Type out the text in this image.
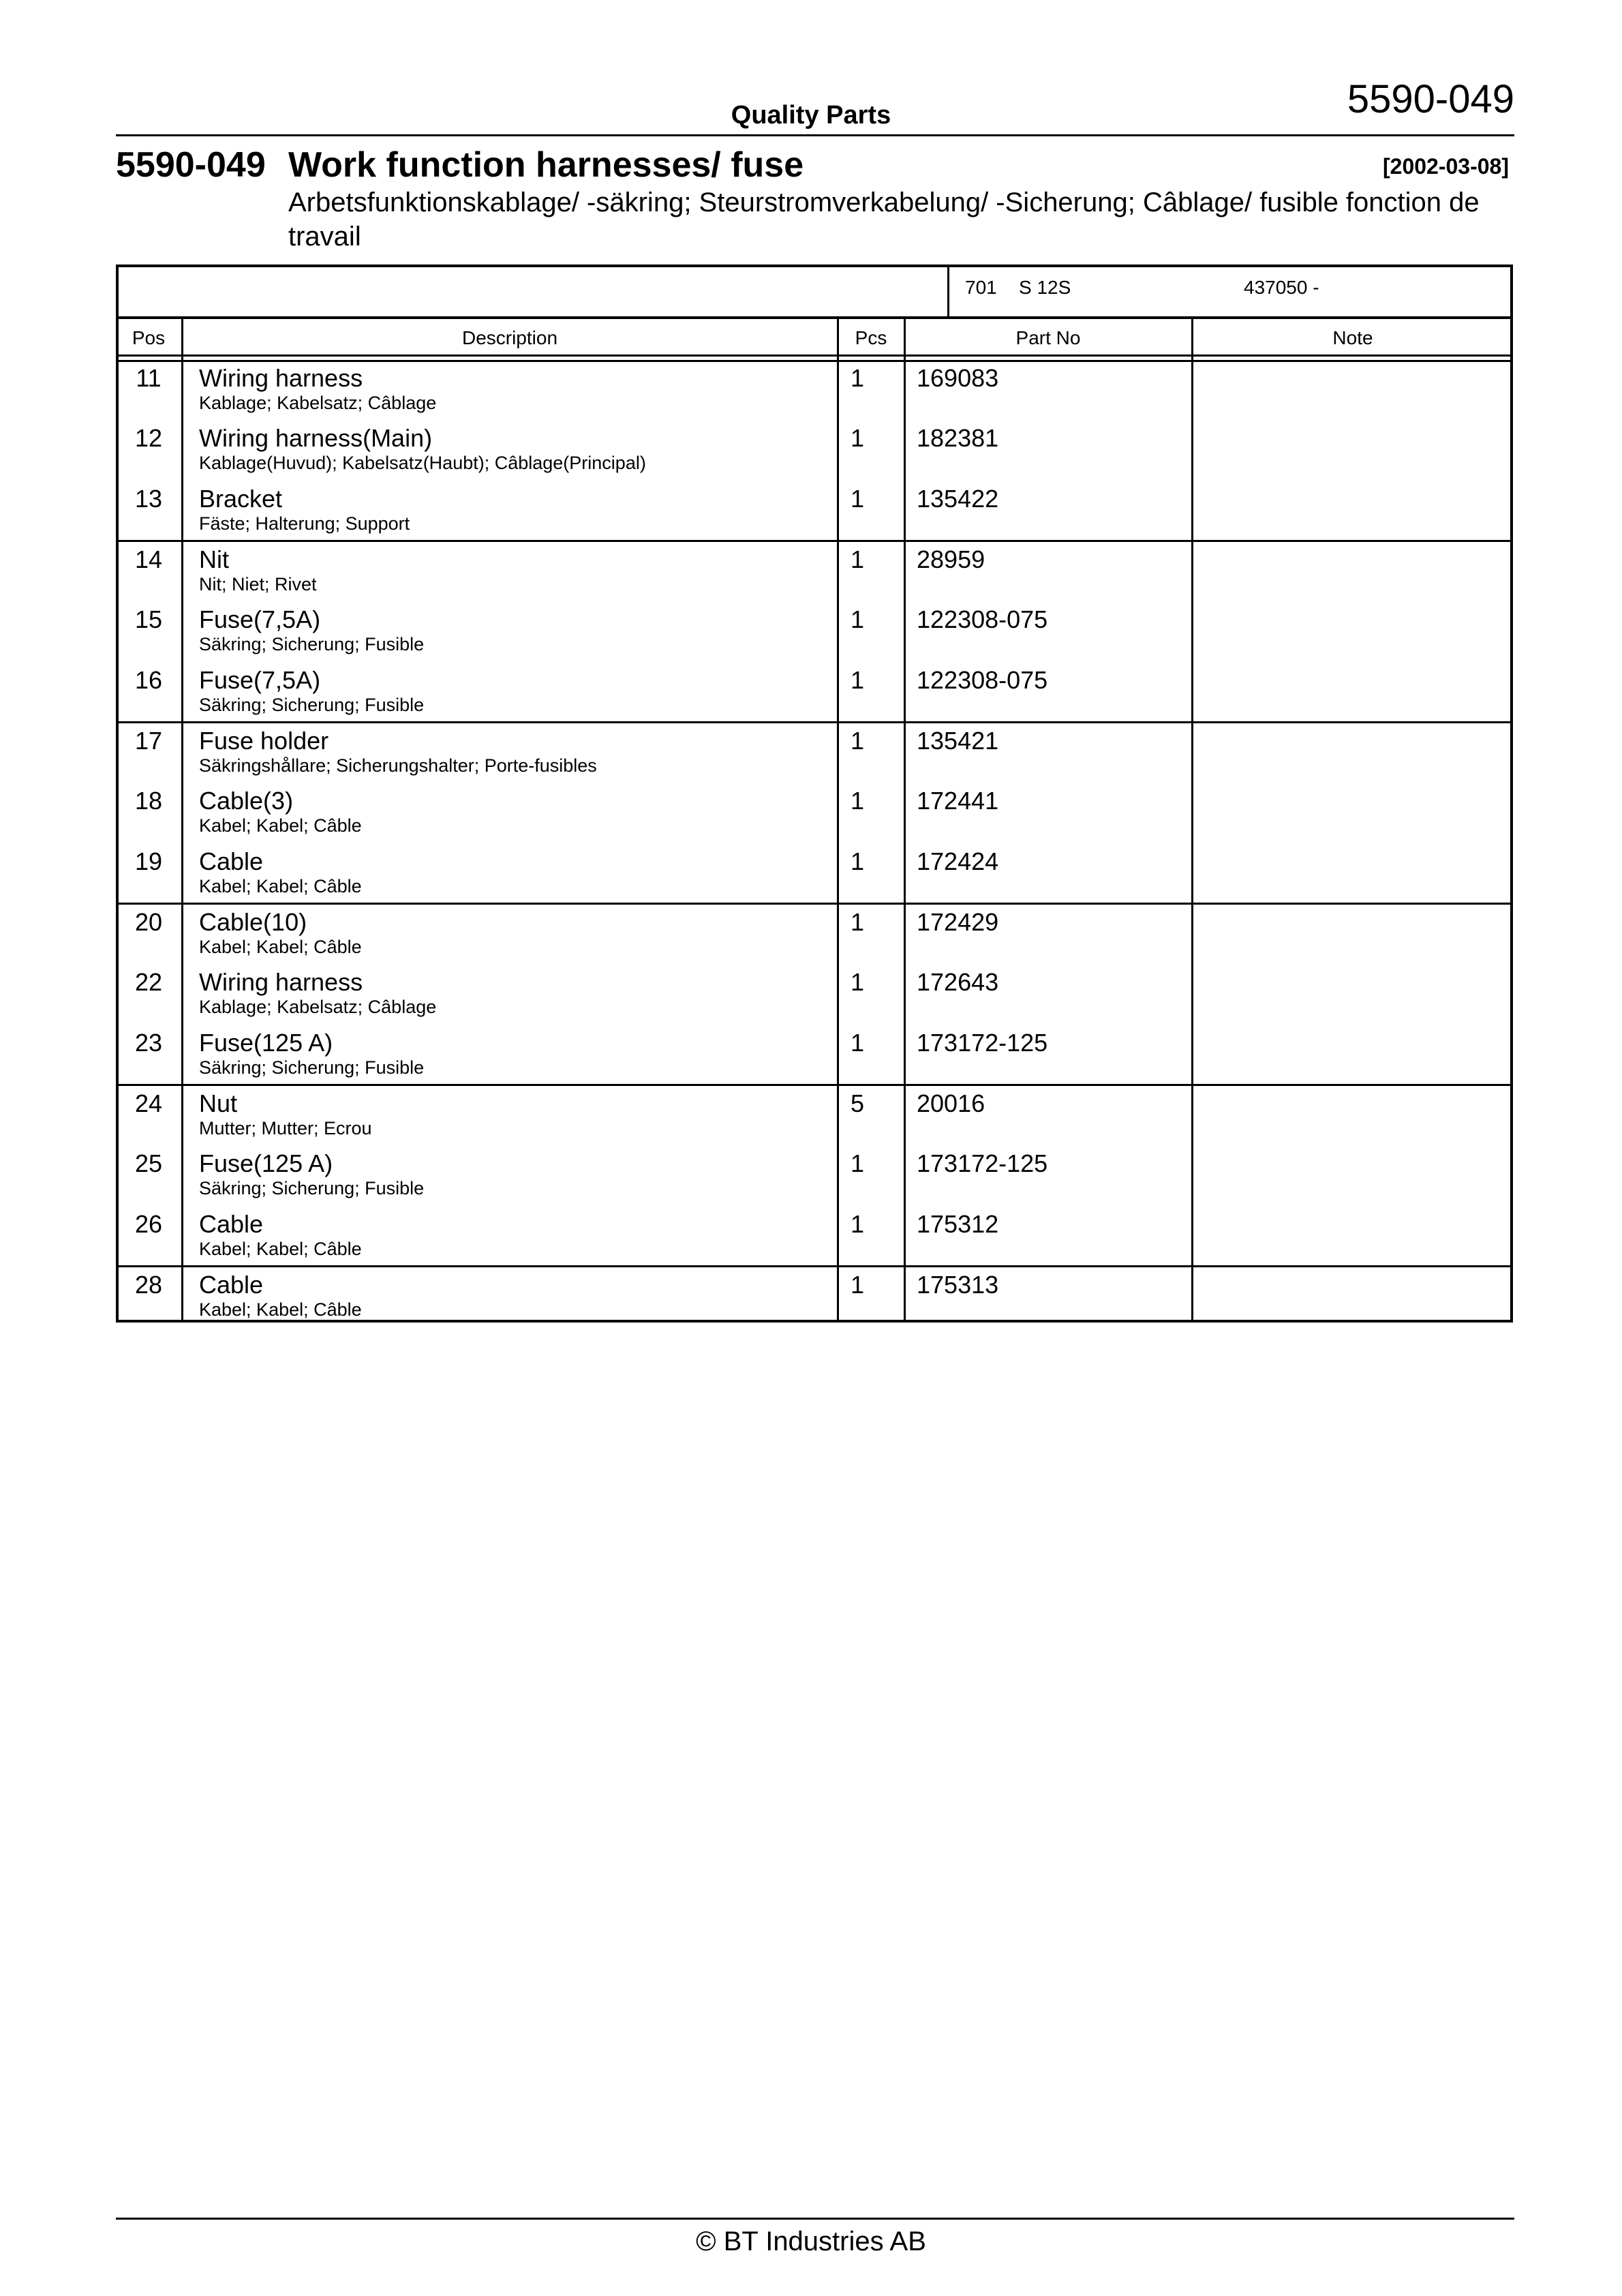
Quality Parts	5590-049
5590-049 Work function harnesses/ fuse	[2002-03-08]
Arbetsfunktionskablage/ -säkring; Steurstromverkabelung/ -Sicherung; Câblage/ fusible fonction de travail
701 S 12S	437050 -
Pos	Description	Pcs	Part No	Note
11	Wiring harness
Kablage; Kabelsatz; Câblage
1 169083
12	Wiring harness(Main)
Kablage(Huvud); Kabelsatz(Haubt); Câblage(Principal)
1 182381
13	Bracket
Fäste; Halterung; Support
1 135422
14	Nit
Nit; Niet; Rivet
1 28959
15	Fuse(7,5A)
Säkring; Sicherung; Fusible
1 122308-075
16	Fuse(7,5A)
Säkring; Sicherung; Fusible
1 122308-075
17	Fuse holder
Säkringshållare; Sicherungshalter; Porte-fusibles
1 135421
18	Cable(3)
Kabel; Kabel; Câble
1 172441
19	Cable
Kabel; Kabel; Câble
1 172424
20	Cable(10)
Kabel; Kabel; Câble
1 172429
22	Wiring harness
Kablage; Kabelsatz; Câblage
1 172643
23	Fuse(125 A)
Säkring; Sicherung; Fusible
1 173172-125
24	Nut
Mutter; Mutter; Ecrou
5 20016
25	Fuse(125 A)
Säkring; Sicherung; Fusible
1 173172-125
26	Cable
Kabel; Kabel; Câble
1 175312
28	Cable
Kabel; Kabel; Câble
1 175313
© BT Industries AB
